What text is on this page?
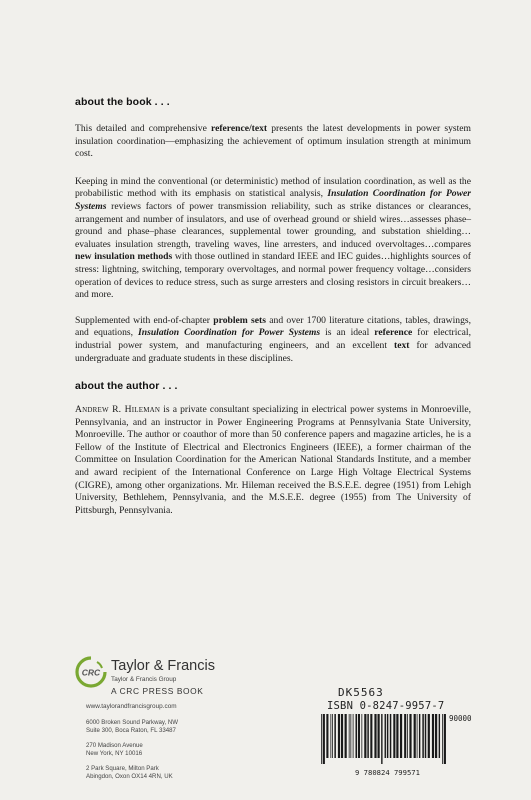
about the book . . .

This detailed and comprehensive reference/text presents the latest developments in power system insulation coordination—emphasizing the achievement of optimum insulation strength at minimum cost.

Keeping in mind the conventional (or deterministic) method of insulation coordination, as well as the probabilistic method with its emphasis on statistical analysis, Insulation Coordination for Power Systems reviews factors of power transmission reliability, such as strike distances or clearances, arrangement and number of insulators, and use of overhead ground or shield wires…assesses phase–ground and phase–phase clearances, supplemental tower grounding, and substation shielding…evaluates insulation strength, traveling waves, line arresters, and induced overvoltages…compares new insulation methods with those outlined in standard IEEE and IEC guides…highlights sources of stress: lightning, switching, temporary overvoltages, and normal power frequency voltage…considers operation of devices to reduce stress, such as surge arresters and closing resistors in circuit breakers…and more.

Supplemented with end-of-chapter problem sets and over 1700 literature citations, tables, drawings, and equations, Insulation Coordination for Power Systems is an ideal reference for electrical, industrial power system, and manufacturing engineers, and an excellent text for advanced undergraduate and graduate students in these disciplines.

about the author . . .

Andrew R. Hileman is a private consultant specializing in electrical power systems in Monroeville, Pennsylvania, and an instructor in Power Engineering Programs at Pennsylvania State University, Monroeville. The author or coauthor of more than 50 conference papers and magazine articles, he is a Fellow of the Institute of Electrical and Electronics Engineers (IEEE), a former chairman of the Committee on Insulation Coordination for the American National Standards Institute, and a member and award recipient of the International Conference on Large High Voltage Electrical Systems (CIGRE), among other organizations. Mr. Hileman received the B.S.E.E. degree (1951) from Lehigh University, Bethlehem, Pennsylvania, and the M.S.E.E. degree (1955) from The University of Pittsburgh, Pennsylvania.

CRC Taylor & Francis
Taylor & Francis Group
A CRC PRESS BOOK
www.taylorandfrancisgroup.com
6000 Broken Sound Parkway, NW
Suite 300, Boca Raton, FL 33487
270 Madison Avenue
New York, NY 10016
2 Park Square, Milton Park
Abingdon, Oxon OX14 4RN, UK
DK5563
ISBN 0-8247-9957-7
90000
9 780824 799571
